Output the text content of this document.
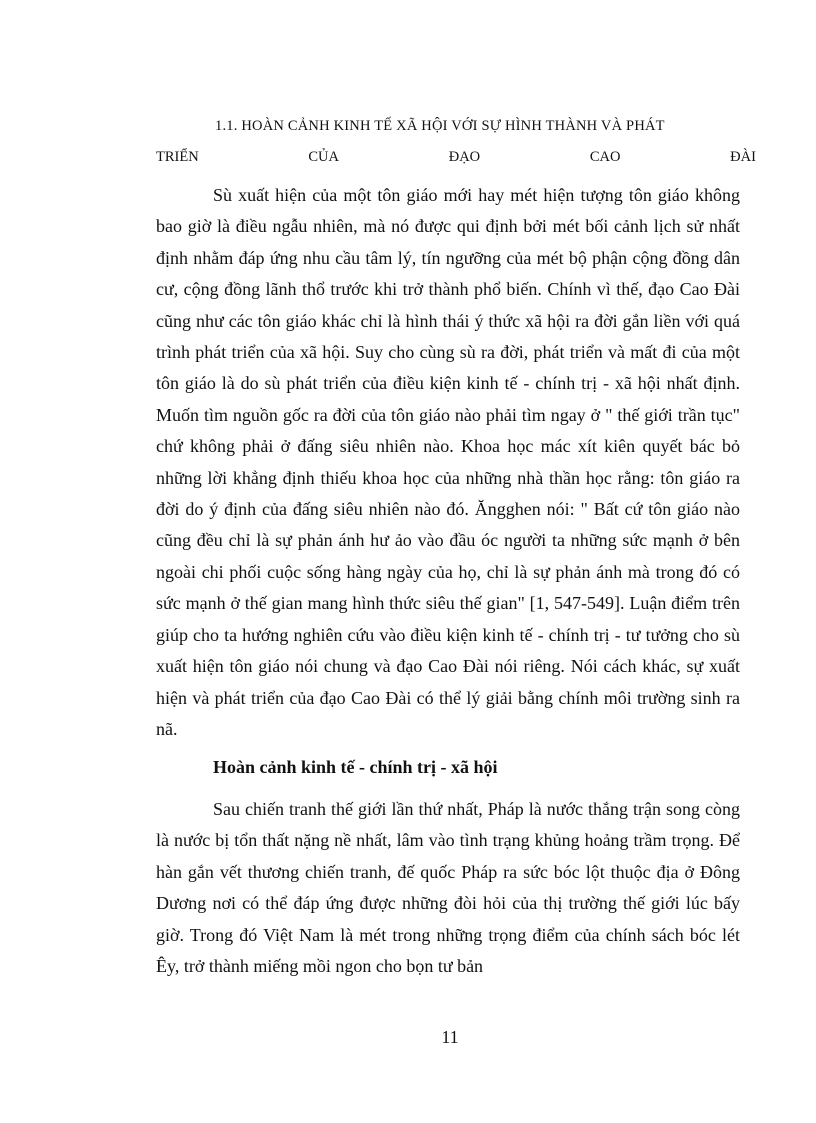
1.1. HOÀN CẢNH KINH TẾ XÃ HỘI VỚI SỰ HÌNH THÀNH VÀ PHÁT
TRIỂN	CỦA	ĐẠO	CAO	ĐÀI

Sù xuất hiện của một tôn giáo mới hay mét hiện tượng tôn giáo không bao giờ là điều ngẫu nhiên, mà nó được qui định bởi mét bối cảnh lịch sử nhất định nhằm đáp ứng nhu cầu tâm lý, tín ngưỡng của mét bộ phận cộng đồng dân cư, cộng đồng lãnh thổ trước khi trở thành phổ biến. Chính vì thế, đạo Cao Đài cũng như các tôn giáo khác chỉ là hình thái ý thức xã hội ra đời gắn liền với quá trình phát triển của xã hội. Suy cho cùng sù ra đời, phát triển và mất đi của một tôn giáo là do sù phát triển của điều kiện kinh tế - chính trị - xã hội nhất định. Muốn tìm nguồn gốc ra đời của tôn giáo nào phải tìm ngay ở " thế giới trần tục" chứ không phải ở đấng siêu nhiên nào. Khoa học mác xít kiên quyết bác bỏ những lời khẳng định thiếu khoa học của những nhà thần học rằng: tôn giáo ra đời do ý định của đấng siêu nhiên nào đó. Ăngghen nói: " Bất cứ tôn giáo nào cũng đều chỉ là sự phản ánh hư ảo vào đầu óc người ta những sức mạnh ở bên ngoài chi phối cuộc sống hàng ngày của họ, chỉ là sự phản ánh mà trong đó có sức mạnh ở thế gian mang hình thức siêu thế gian" [1, 547-549]. Luận điểm trên giúp cho ta hướng nghiên cứu vào điều kiện kinh tế - chính trị - tư tưởng cho sù xuất hiện tôn giáo nói chung và đạo Cao Đài nói riêng. Nói cách khác, sự xuất hiện và phát triển của đạo Cao Đài có thể lý giải bằng chính môi trường sinh ra nã.

Hoàn cảnh kinh tế - chính trị - xã hội

Sau chiến tranh thế giới lần thứ nhất, Pháp là nước thắng trận song còng là nước bị tổn thất nặng nề nhất, lâm vào tình trạng khủng hoảng trầm trọng. Để hàn gắn vết thương chiến tranh, đế quốc Pháp ra sức bóc lột thuộc địa ở Đông Dương nơi có thể đáp ứng được những đòi hỏi của thị trường thế giới lúc bấy giờ. Trong đó Việt Nam là mét trong những trọng điểm của chính sách bóc lét Êy, trở thành miếng mồi ngon cho bọn tư bản

11
